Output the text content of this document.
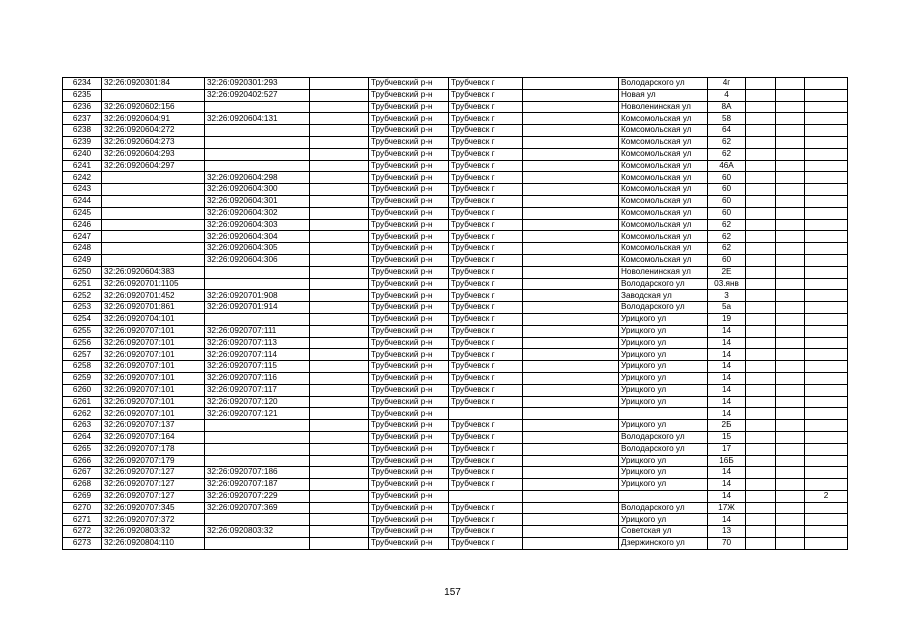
6234	32:26:0920301:84	32:26:0920301:293		Трубчевский р-н	Трубчевск г		Володарского ул	4г			
6235		32:26:0920402:527		Трубчевский р-н	Трубчевск г		Новая ул	4			
6236	32:26:0920602:156			Трубчевский р-н	Трубчевск г		Новоленинская ул	8А			
6237	32:26:0920604:91	32:26:0920604:131		Трубчевский р-н	Трубчевск г		Комсомольская ул	58			
6238	32:26:0920604:272			Трубчевский р-н	Трубчевск г		Комсомольская ул	64			
6239	32:26:0920604:273			Трубчевский р-н	Трубчевск г		Комсомольская ул	62			
6240	32:26:0920604:293			Трубчевский р-н	Трубчевск г		Комсомольская ул	62			
6241	32:26:0920604:297			Трубчевский р-н	Трубчевск г		Комсомольская ул	46А			
6242		32:26:0920604:298		Трубчевский р-н	Трубчевск г		Комсомольская ул	60			
6243		32:26:0920604:300		Трубчевский р-н	Трубчевск г		Комсомольская ул	60			
6244		32:26:0920604:301		Трубчевский р-н	Трубчевск г		Комсомольская ул	60			
6245		32:26:0920604:302		Трубчевский р-н	Трубчевск г		Комсомольская ул	60			
6246		32:26:0920604:303		Трубчевский р-н	Трубчевск г		Комсомольская ул	62			
6247		32:26:0920604:304		Трубчевский р-н	Трубчевск г		Комсомольская ул	62			
6248		32:26:0920604:305		Трубчевский р-н	Трубчевск г		Комсомольская ул	62			
6249		32:26:0920604:306		Трубчевский р-н	Трубчевск г		Комсомольская ул	60			
6250	32:26:0920604:383			Трубчевский р-н	Трубчевск г		Новоленинская ул	2Е			
6251	32:26:0920701:1105			Трубчевский р-н	Трубчевск г		Володарского ул	03.янв			
6252	32:26:0920701:452	32:26:0920701:908		Трубчевский р-н	Трубчевск г		Заводская ул	3			
6253	32:26:0920701:861	32:26:0920701:914		Трубчевский р-н	Трубчевск г		Володарского ул	5а			
6254	32:26:0920704:101			Трубчевский р-н	Трубчевск г		Урицкого ул	19			
6255	32:26:0920707:101	32:26:0920707:111		Трубчевский р-н	Трубчевск г		Урицкого ул	14			
6256	32:26:0920707:101	32:26:0920707:113		Трубчевский р-н	Трубчевск г		Урицкого ул	14			
6257	32:26:0920707:101	32:26:0920707:114		Трубчевский р-н	Трубчевск г		Урицкого ул	14			
6258	32:26:0920707:101	32:26:0920707:115		Трубчевский р-н	Трубчевск г		Урицкого ул	14			
6259	32:26:0920707:101	32:26:0920707:116		Трубчевский р-н	Трубчевск г		Урицкого ул	14			
6260	32:26:0920707:101	32:26:0920707:117		Трубчевский р-н	Трубчевск г		Урицкого ул	14			
6261	32:26:0920707:101	32:26:0920707:120		Трубчевский р-н	Трубчевск г		Урицкого ул	14			
6262	32:26:0920707:101	32:26:0920707:121		Трубчевский р-н				14			
6263	32:26:0920707:137			Трубчевский р-н	Трубчевск г		Урицкого ул	2Б			
6264	32:26:0920707:164			Трубчевский р-н	Трубчевск г		Володарского ул	15			
6265	32:26:0920707:178			Трубчевский р-н	Трубчевск г		Володарского ул	17			
6266	32:26:0920707:179			Трубчевский р-н	Трубчевск г		Урицкого ул	16Б			
6267	32:26:0920707:127	32:26:0920707:186		Трубчевский р-н	Трубчевск г		Урицкого ул	14			
6268	32:26:0920707:127	32:26:0920707:187		Трубчевский р-н	Трубчевск г		Урицкого ул	14			
6269	32:26:0920707:127	32:26:0920707:229		Трубчевский р-н				14			2
6270	32:26:0920707:345	32:26:0920707:369		Трубчевский р-н	Трубчевск г		Володарского ул	17Ж			
6271	32:26:0920707:372			Трубчевский р-н	Трубчевск г		Урицкого ул	14			
6272	32:26:0920803:32	32:26:0920803:32		Трубчевский р-н	Трубчевск г		Советская ул	13			
6273	32:26:0920804:110			Трубчевский р-н	Трубчевск г		Дзержинского ул	70			
157
